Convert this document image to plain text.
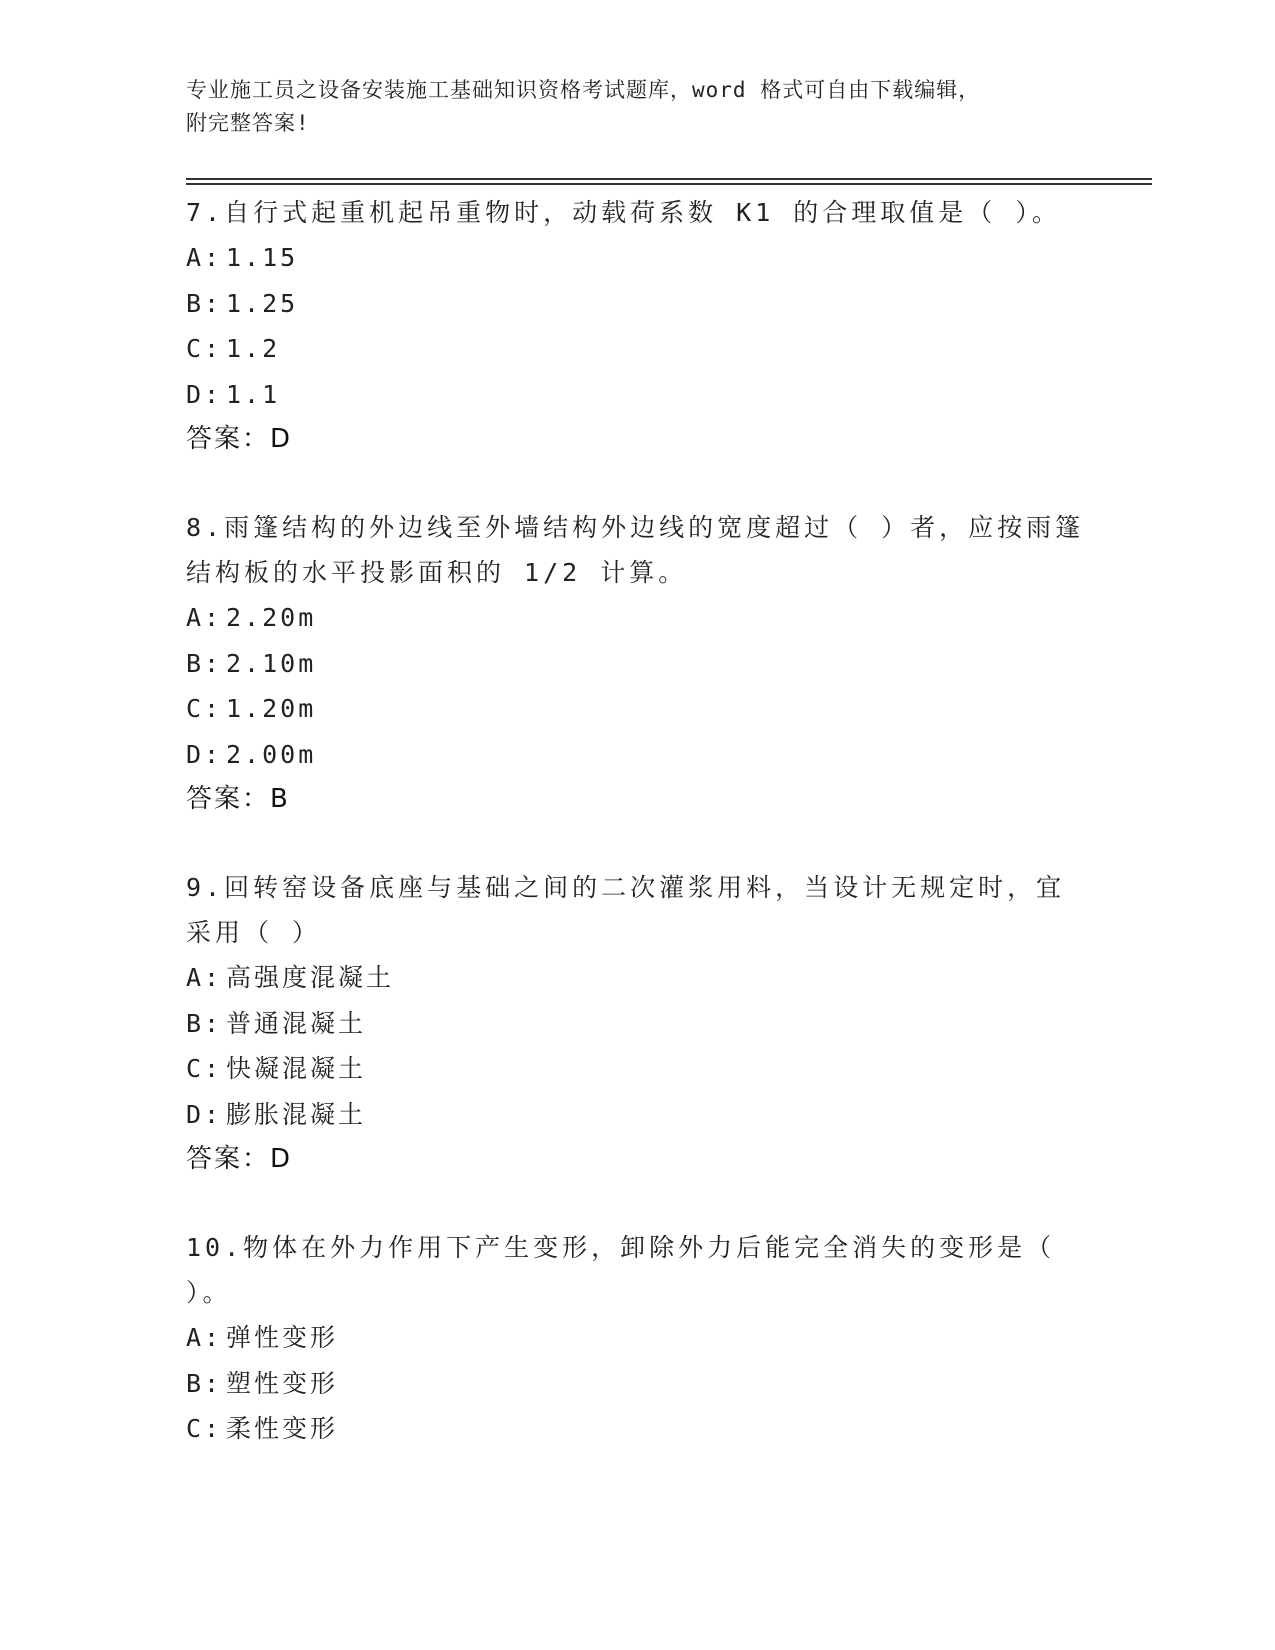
专业施工员之设备安装施工基础知识资格考试题库，word 格式可自由下载编辑，

附完整答案!

7.自行式起重机起吊重物时，动载荷系数 K1 的合理取值是（ ）。

A: 1.15

B: 1.25

C: 1.2

D: 1.1

答案：D

8.雨篷结构的外边线至外墙结构外边线的宽度超过（ ）者，应按雨篷结构板的水平投影面积的 1/2 计算。

A: 2.20m

B: 2.10m

C: 1.20m

D: 2.00m

答案：B

9.回转窑设备底座与基础之间的二次灌浆用料，当设计无规定时，宜采用（ ）

A: 高强度混凝土

B: 普通混凝土

C: 快凝混凝土

D: 膨胀混凝土

答案：D

10.物体在外力作用下产生变形，卸除外力后能完全消失的变形是（ ）。

A: 弹性变形

B: 塑性变形

C: 柔性变形
